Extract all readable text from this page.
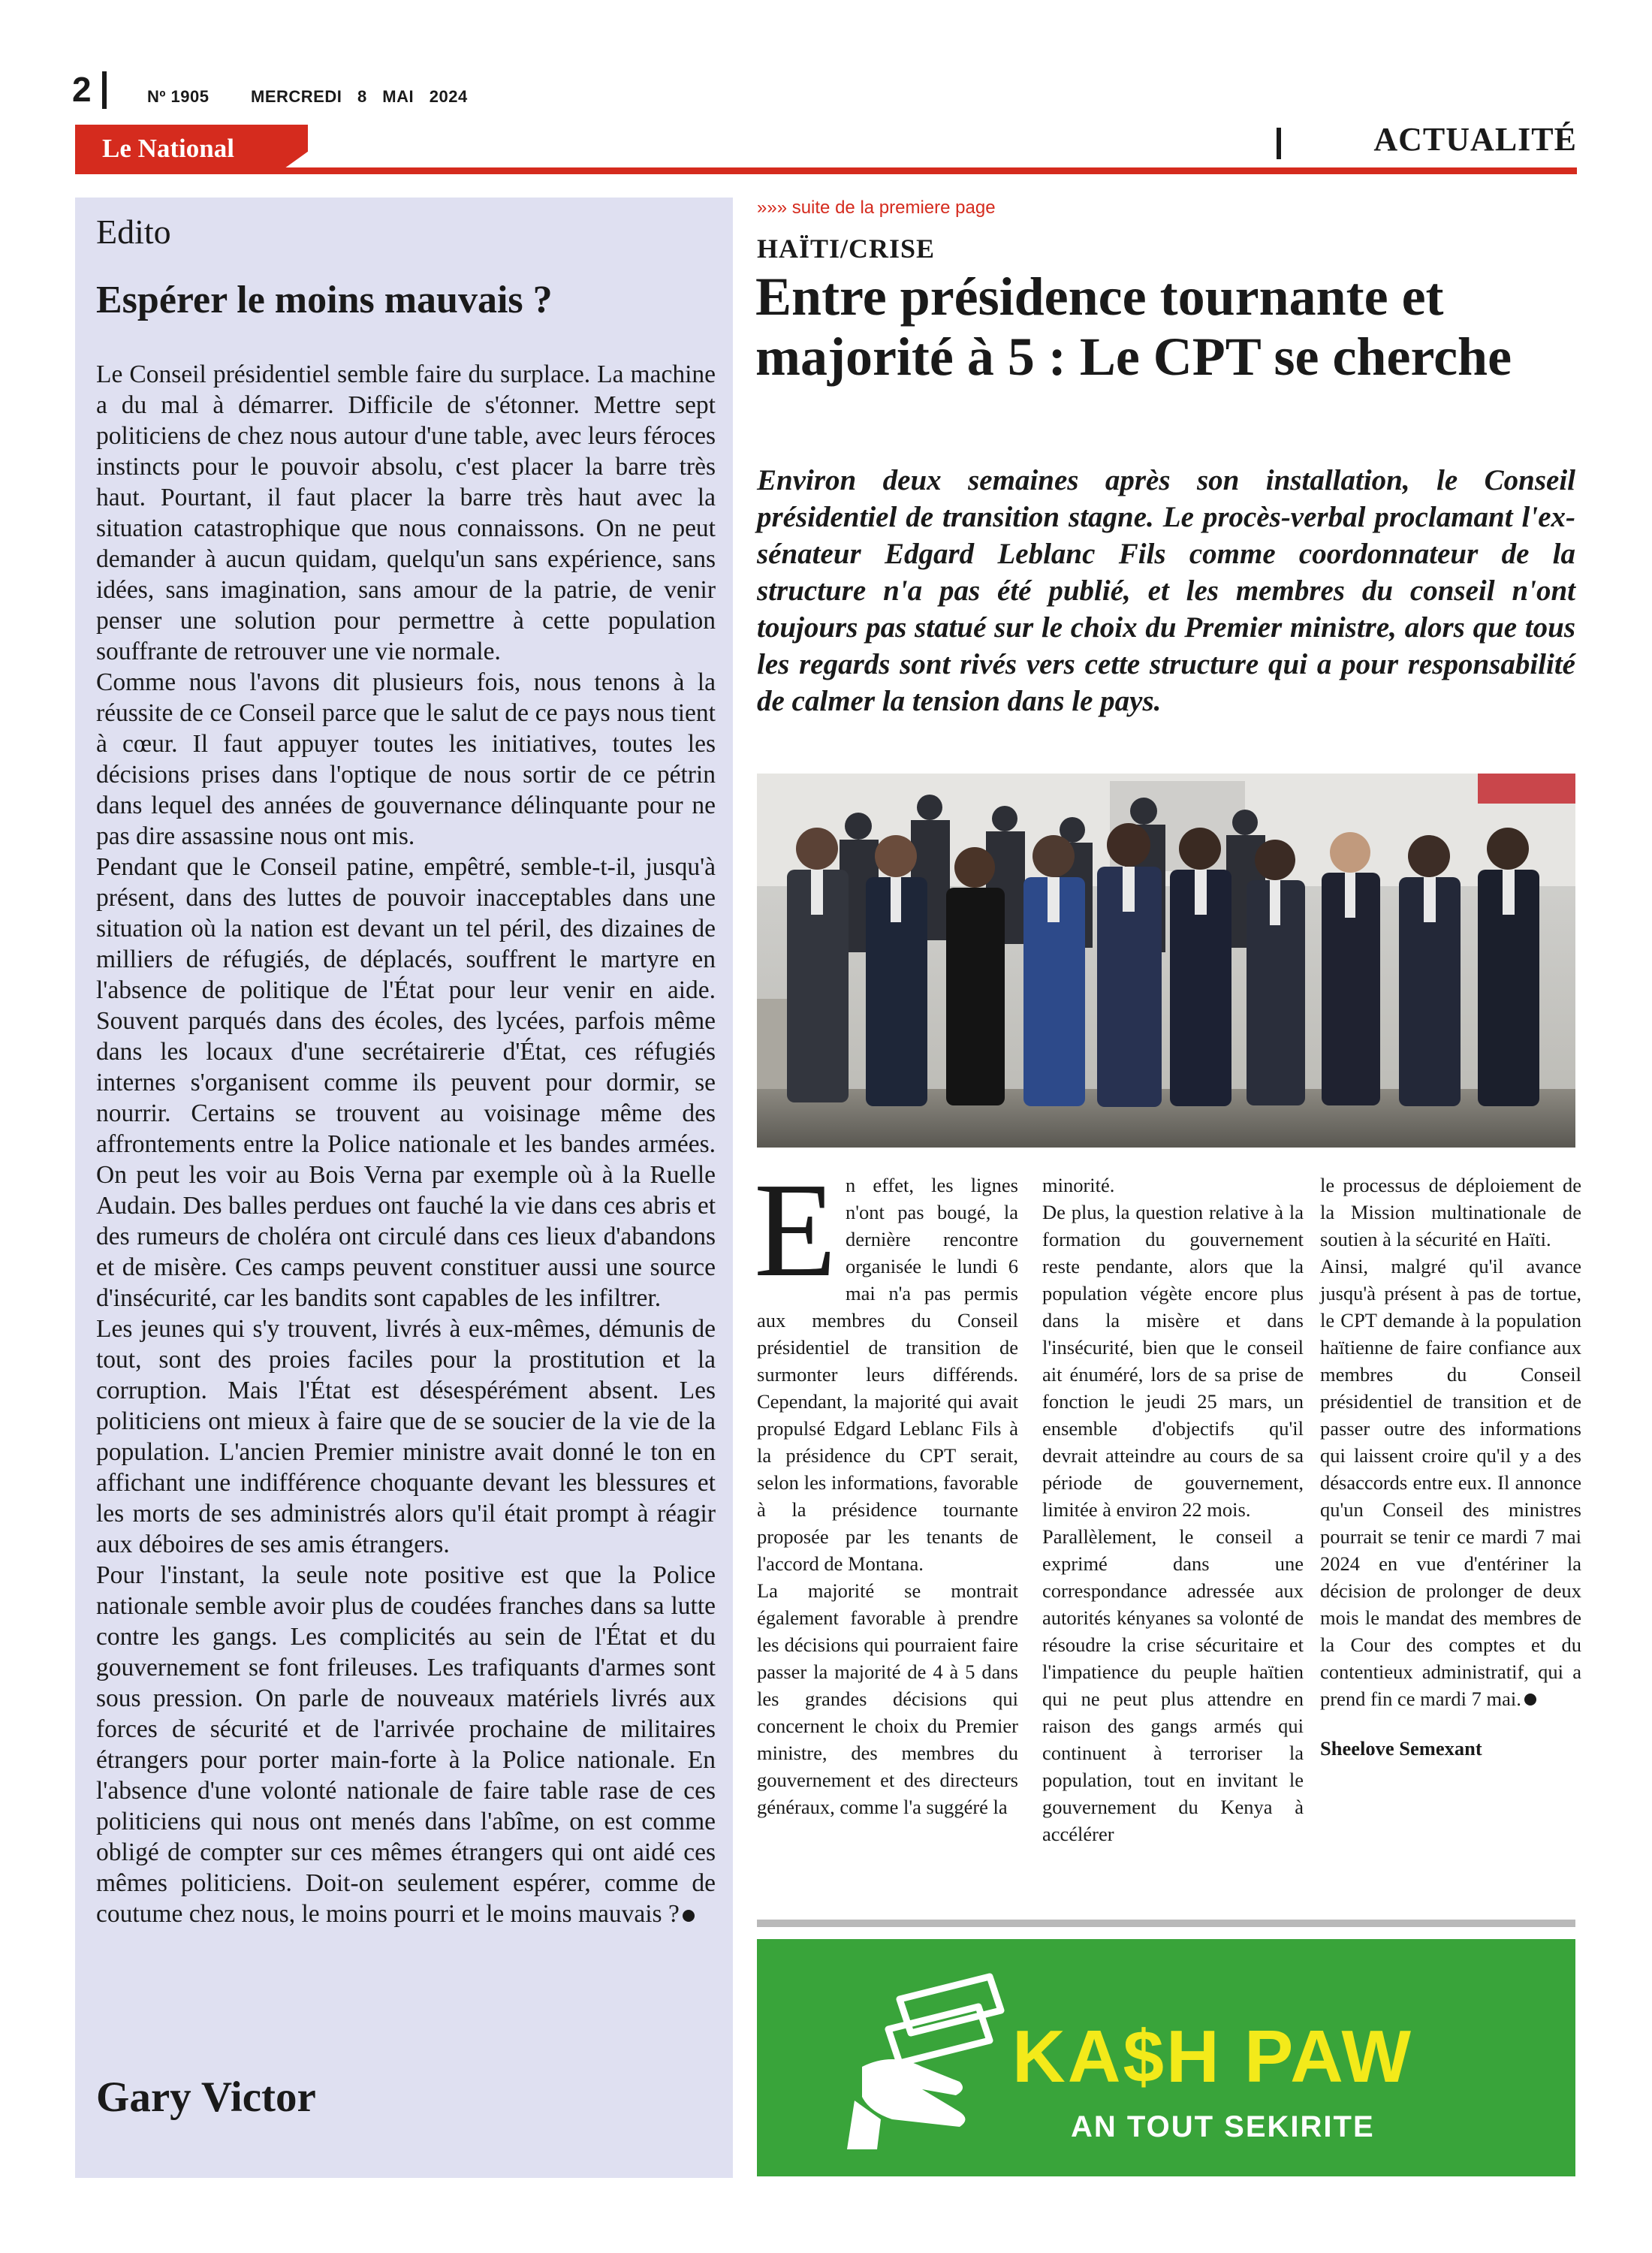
2	Nº 1905	MERCREDI 8 MAI 2024
Le National	ACTUALITÉ
Edito
Espérer le moins mauvais ?

Le Conseil présidentiel semble faire du surplace. La machine a du mal à démarrer. Difficile de s'étonner. Mettre sept politiciens de chez nous autour d'une table, avec leurs féroces instincts pour le pouvoir absolu, c'est placer la barre très haut. Pourtant, il faut placer la barre très haut avec la situation catastrophique que nous connaissons. On ne peut demander à aucun quidam, quelqu'un sans expérience, sans idées, sans imagination, sans amour de la patrie, de venir penser une solution pour permettre à cette population souffrante de retrouver une vie normale.

Comme nous l'avons dit plusieurs fois, nous tenons à la réussite de ce Conseil parce que le salut de ce pays nous tient à cœur. Il faut appuyer toutes les initiatives, toutes les décisions prises dans l'optique de nous sortir de ce pétrin dans lequel des années de gouvernance délinquante pour ne pas dire assassine nous ont mis.

Pendant que le Conseil patine, empêtré, semble-t-il, jusqu'à présent, dans des luttes de pouvoir inacceptables dans une situation où la nation est devant un tel péril, des dizaines de milliers de réfugiés, de déplacés, souffrent le martyre en l'absence de politique de l'État pour leur venir en aide. Souvent parqués dans des écoles, des lycées, parfois même dans les locaux d'une secrétairerie d'État, ces réfugiés internes s'organisent comme ils peuvent pour dormir, se nourrir. Certains se trouvent au voisinage même des affrontements entre la Police nationale et les bandes armées. On peut les voir au Bois Verna par exemple où à la Ruelle Audain. Des balles perdues ont fauché la vie dans ces abris et des rumeurs de choléra ont circulé dans ces lieux d'abandons et de misère. Ces camps peuvent constituer aussi une source d'insécurité, car les bandits sont capables de les infiltrer.

Les jeunes qui s'y trouvent, livrés à eux-mêmes, démunis de tout, sont des proies faciles pour la prostitution et la corruption. Mais l'État est désespérément absent. Les politiciens ont mieux à faire que de se soucier de la vie de la population. L'ancien Premier ministre avait donné le ton en affichant une indifférence choquante devant les blessures et les morts de ses administrés alors qu'il était prompt à réagir aux déboires de ses amis étrangers.

Pour l'instant, la seule note positive est que la Police nationale semble avoir plus de coudées franches dans sa lutte contre les gangs. Les complicités au sein de l'État et du gouvernement se font frileuses. Les trafiquants d'armes sont sous pression. On parle de nouveaux matériels livrés aux forces de sécurité et de l'arrivée prochaine de militaires étrangers pour porter main-forte à la Police nationale. En l'absence d'une volonté nationale de faire table rase de ces politiciens qui nous ont menés dans l'abîme, on est comme obligé de compter sur ces mêmes étrangers qui ont aidé ces mêmes politiciens. Doit-on seulement espérer, comme de coutume chez nous, le moins pourri et le moins mauvais ?

Gary Victor
»»» suite de la premiere page
HAÏTI/CRISE
Entre présidence tournante et majorité à 5 : Le CPT se cherche
Environ deux semaines après son installation, le Conseil présidentiel de transition stagne. Le procès-verbal proclamant l'ex-sénateur Edgard Leblanc Fils comme coordonnateur de la structure n'a pas été publié, et les membres du conseil n'ont toujours pas statué sur le choix du Premier ministre, alors que tous les regards sont rivés vers cette structure qui a pour responsabilité de calmer la tension dans le pays.

En effet, les lignes n'ont pas bougé, la dernière rencontre organisée le lundi 6 mai n'a pas permis aux membres du Conseil présidentiel de transition de surmonter leurs différends. Cependant, la majorité qui avait propulsé Edgard Leblanc Fils à la présidence du CPT serait, selon les informations, favorable à la présidence tournante proposée par les tenants de l'accord de Montana.

La majorité se montrait également favorable à prendre les décisions qui pourraient faire passer la majorité de 4 à 5 dans les grandes décisions qui concernent le choix du Premier ministre, des membres du gouvernement et des directeurs généraux, comme l'a suggéré la

minorité.

De plus, la question relative à la formation du gouvernement reste pendante, alors que la population végète encore plus dans la misère et dans l'insécurité, bien que le conseil ait énuméré, lors de sa prise de fonction le jeudi 25 mars, un ensemble d'objectifs qu'il devrait atteindre au cours de sa période de gouvernement, limitée à environ 22 mois.

Parallèlement, le conseil a exprimé dans une correspondance adressée aux autorités kényanes sa volonté de résoudre la crise sécuritaire et l'impatience du peuple haïtien qui ne peut plus attendre en raison des gangs armés qui continuent à terroriser la population, tout en invitant le gouvernement du Kenya à accélérer

le processus de déploiement de la Mission multinationale de soutien à la sécurité en Haïti.

Ainsi, malgré qu'il avance jusqu'à présent à pas de tortue, le CPT demande à la population haïtienne de faire confiance aux membres du Conseil présidentiel de transition et de passer outre des informations qui laissent croire qu'il y a des désaccords entre eux. Il annonce qu'un Conseil des ministres pourrait se tenir ce mardi 7 mai 2024 en vue d'entériner la décision de prolonger de deux mois le mandat des membres de la Cour des comptes et du contentieux administratif, qui a prend fin ce mardi 7 mai.

Sheelove Semexant

KA$H PAW
AN TOUT SEKIRITE
